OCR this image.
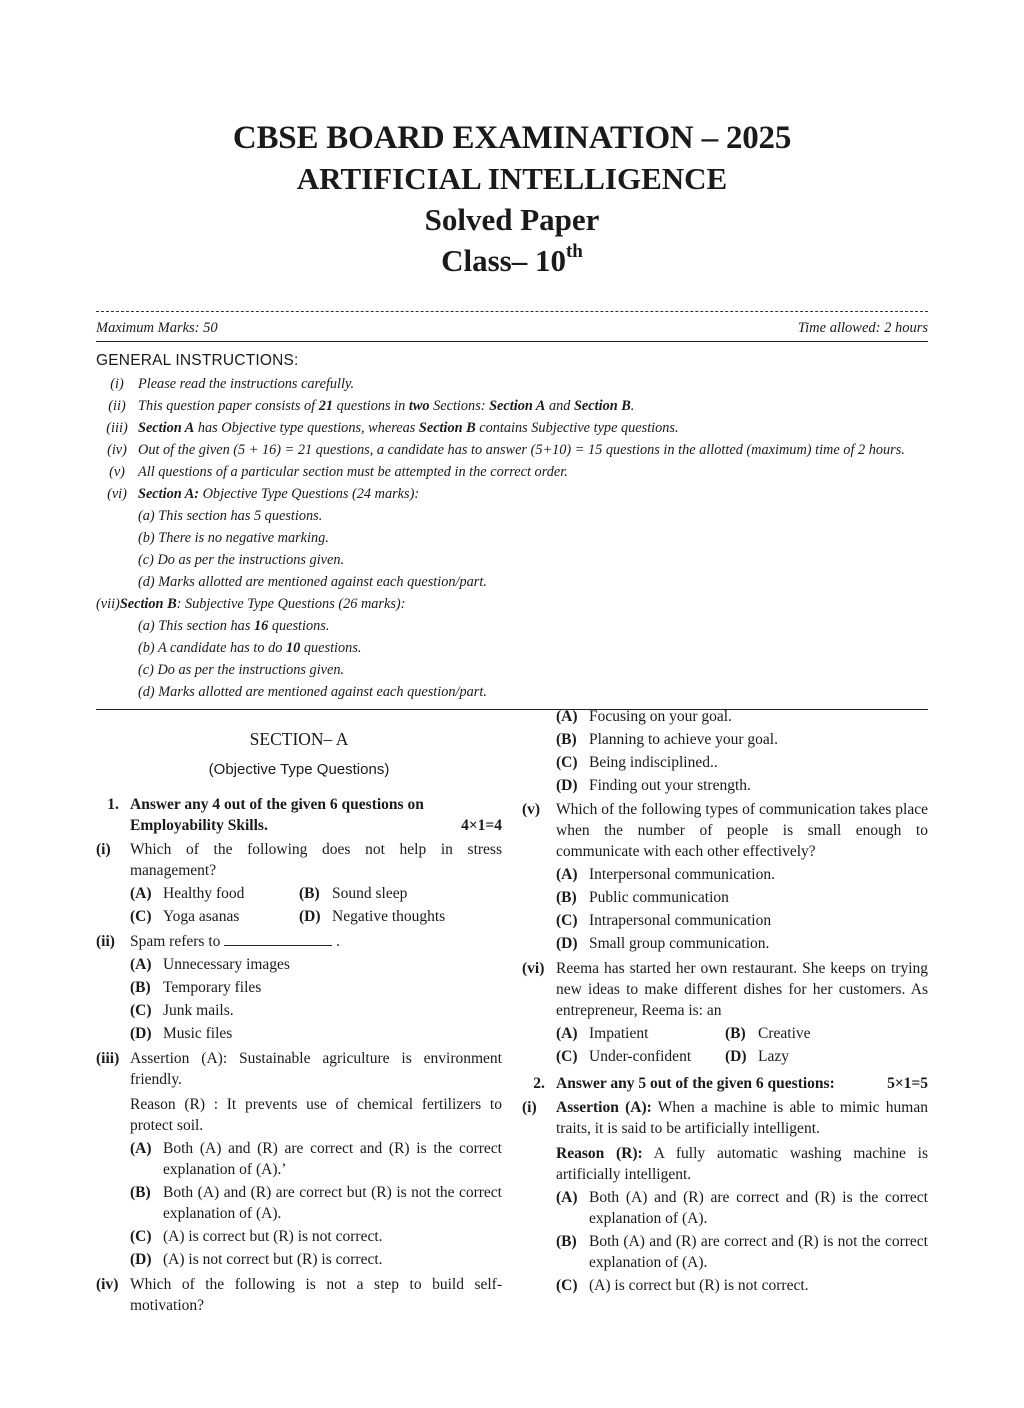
CBSE BOARD EXAMINATION – 2025
ARTIFICIAL INTELLIGENCE
Solved Paper
Class– 10th
Maximum Marks: 50	Time allowed: 2 hours
GENERAL INSTRUCTIONS:
(i) Please read the instructions carefully.
(ii) This question paper consists of 21 questions in two Sections: Section A and Section B.
(iii) Section A has Objective type questions, whereas Section B contains Subjective type questions.
(iv) Out of the given (5 + 16) = 21 questions, a candidate has to answer (5+10) = 15 questions in the allotted (maximum) time of 2 hours.
(v) All questions of a particular section must be attempted in the correct order.
(vi) Section A: Objective Type Questions (24 marks):
(a) This section has 5 questions.
(b) There is no negative marking.
(c) Do as per the instructions given.
(d) Marks allotted are mentioned against each question/part.
(vii) Section B: Subjective Type Questions (26 marks):
(a) This section has 16 questions.
(b) A candidate has to do 10 questions.
(c) Do as per the instructions given.
(d) Marks allotted are mentioned against each question/part.
SECTION– A
(Objective Type Questions)
1. Answer any 4 out of the given 6 questions on
Employability Skills.	4×1=4
(i)	Which of the following does not help in stress management?
(A) Healthy food	(B) Sound sleep
(C) Yoga asanas	(D) Negative thoughts
(ii) Spam refers to	.
(A) Unnecessary images
(B) Temporary files
(C) Junk mails.
(D) Music files
(iii) Assertion (A): Sustainable agriculture is environment friendly.
Reason (R) : It prevents use of chemical fertilizers to protect soil.
(A) Both (A) and (R) are correct and (R) is the correct explanation of (A).’
(B) Both (A) and (R) are correct but (R) is not the correct explanation of (A).
(C) (A) is correct but (R) is not correct.
(D) (A) is not correct but (R) is correct.
(iv) Which of the following is not a step to build self-motivation?
(A) Focusing on your goal.
(B) Planning to achieve your goal.
(C) Being indisciplined..
(D) Finding out your strength.
(v)	Which of the following types of communication takes place when the number of people is small enough to communicate with each other effectively?
(A) Interpersonal communication.
(B) Public communication
(C) Intrapersonal communication
(D) Small group communication.
(vi) Reema has started her own restaurant. She keeps on trying new ideas to make different dishes for her customers. As entrepreneur, Reema is: an
(A) Impatient	(B) Creative
(C) Under-confident (D) Lazy
2. Answer any 5 out of the given 6 questions:	5×1=5
(i)	Assertion (A): When a machine is able to mimic human traits, it is said to be artificially intelligent.
Reason (R): A fully automatic washing machine is artificially intelligent.
(A) Both (A) and (R) are correct and (R) is the correct explanation of (A).
(B) Both (A) and (R) are correct and (R) is not the correct explanation of (A).
(C) (A) is correct but (R) is not correct.
